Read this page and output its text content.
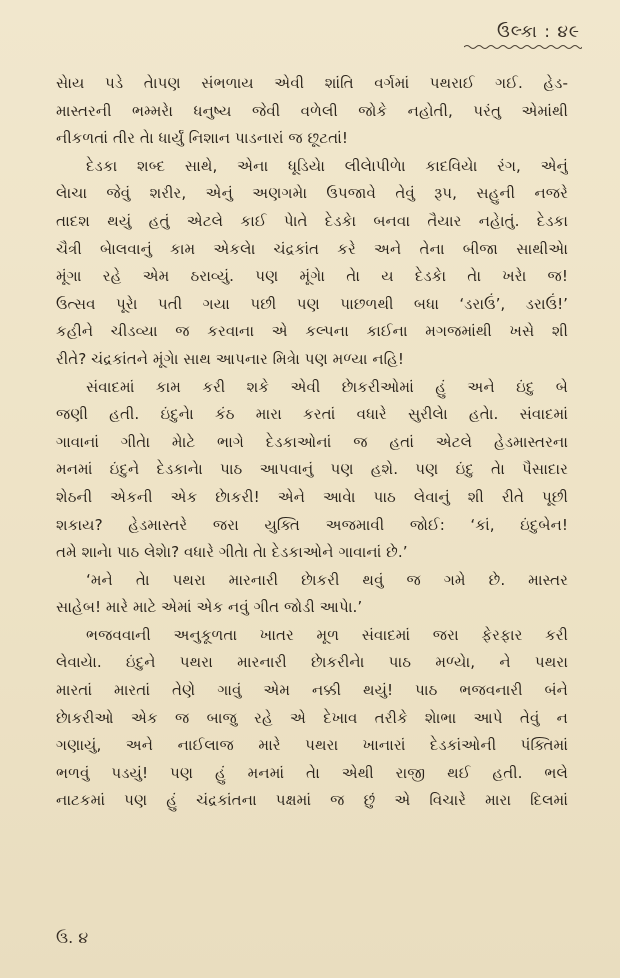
ઉલ્કા : ૪૯
સેાય પડે તેાપણ સંભળાય એવી શાંતિ વર્ગમાં પથરાઈ ગઈ. હેડ-
માસ્તરની ભમ્મરેા ધનુષ્ય જેવી વળેલી જોકે નહોતી, પરંતુ એમાંથી
નીકળતાં તીર તેા ધાર્યું નિશાન પાડનારાં જ છૂટતાં!
દેડકા શબ્દ સાથે, એના ધૂડિયેા લીલેાપીળેા કાદવિયેા રંગ, એનું
લેાચા જેવું શરીર, એનું અણગમેા ઉપજાવે તેવું રૂપ, સહુની નજરે
તાદશ થયું હતું એટલે કાઈ પેાતે દેડકેા બનવા તૈયાર નહેાતું. દેડકા
ચૈત્રી બેાલવાનું કામ એકલેા ચંદ્રકાંત કરે અને તેના બીજા સાથીએા
મૂંગા રહે એમ ઠરાવ્યું. પણ મૂંગેા તેા ય દેડકેા તેા ખરેા જ!
ઉત્સવ પૂરેા પતી ગયા પછી પણ પાછળથી બધા ‘ડરાઉં’, ડરાઉં!’
કહીને ચીડવ્યા જ કરવાના એ કલ્પના કાઈના મગજમાંથી ખસે શી
રીતે? ચંદ્રકાંતને મૂંગેા સાથ આપનાર મિત્રેા પણ મળ્યા નહિ!
સંવાદમાં કામ કરી શકે એવી છેાકરીઓમાં હું અને ઇંદુ બે
જણી હતી. ઇંદુનેા કંઠ મારા કરતાં વધારે સુરીલેા હતેા. સંવાદમાં
ગાવાનાં ગીતેા મેાટે ભાગે દેડકાઓનાં જ હતાં એટલે હેડમાસ્તરના
મનમાં ઇંદુને દેડકાનેા પાઠ આપવાનું પણ હશે. પણ ઇંદુ તેા પૈસાદાર
શેઠની એકની એક છેાકરી! એને આવેા પાઠ લેવાનું શી રીતે પૂછી
શકાય? હેડમાસ્તરે જરા યુક્તિ અજમાવી જોઈ: ‘કાં, ઇંદુબેન!
તમે શાનેા પાઠ લેશેા? વધારે ગીતેા તેા દેડકાઓને ગાવાનાં છે.’
‘મને તેા પથરા મારનારી છેાકરી થવું જ ગમે છે. માસ્તર
સાહેબ! મારે માટે એમાં એક નવું ગીત જોડી આપેા.’
ભજવવાની અનુકૂળતા ખાતર મૂળ સંવાદમાં જરા ફેરફાર કરી
લેવાયેા. ઇંદુને પથરા મારનારી છેાકરીનેા પાઠ મળ્યેા, ને પથરા
મારતાં મારતાં તેણે ગાવું એમ નક્કી થયું! પાઠ ભજવનારી બંને
છેાકરીઓ એક જ બાજુ રહે એ દેખાવ તરીકે શેાભા આપે તેવું ન
ગણાયું, અને નાઈલાજ મારે પથરા ખાનારાં દેડકાંઓની પંક્તિમાં
ભળવું પડયું! પણ હું મનમાં તેા એથી રાજી થઈ હતી. ભલે
નાટકમાં પણ હું ચંદ્રકાંતના પક્ષમાં જ છું એ વિચારે મારા દિલમાં
ઉ. ૪
